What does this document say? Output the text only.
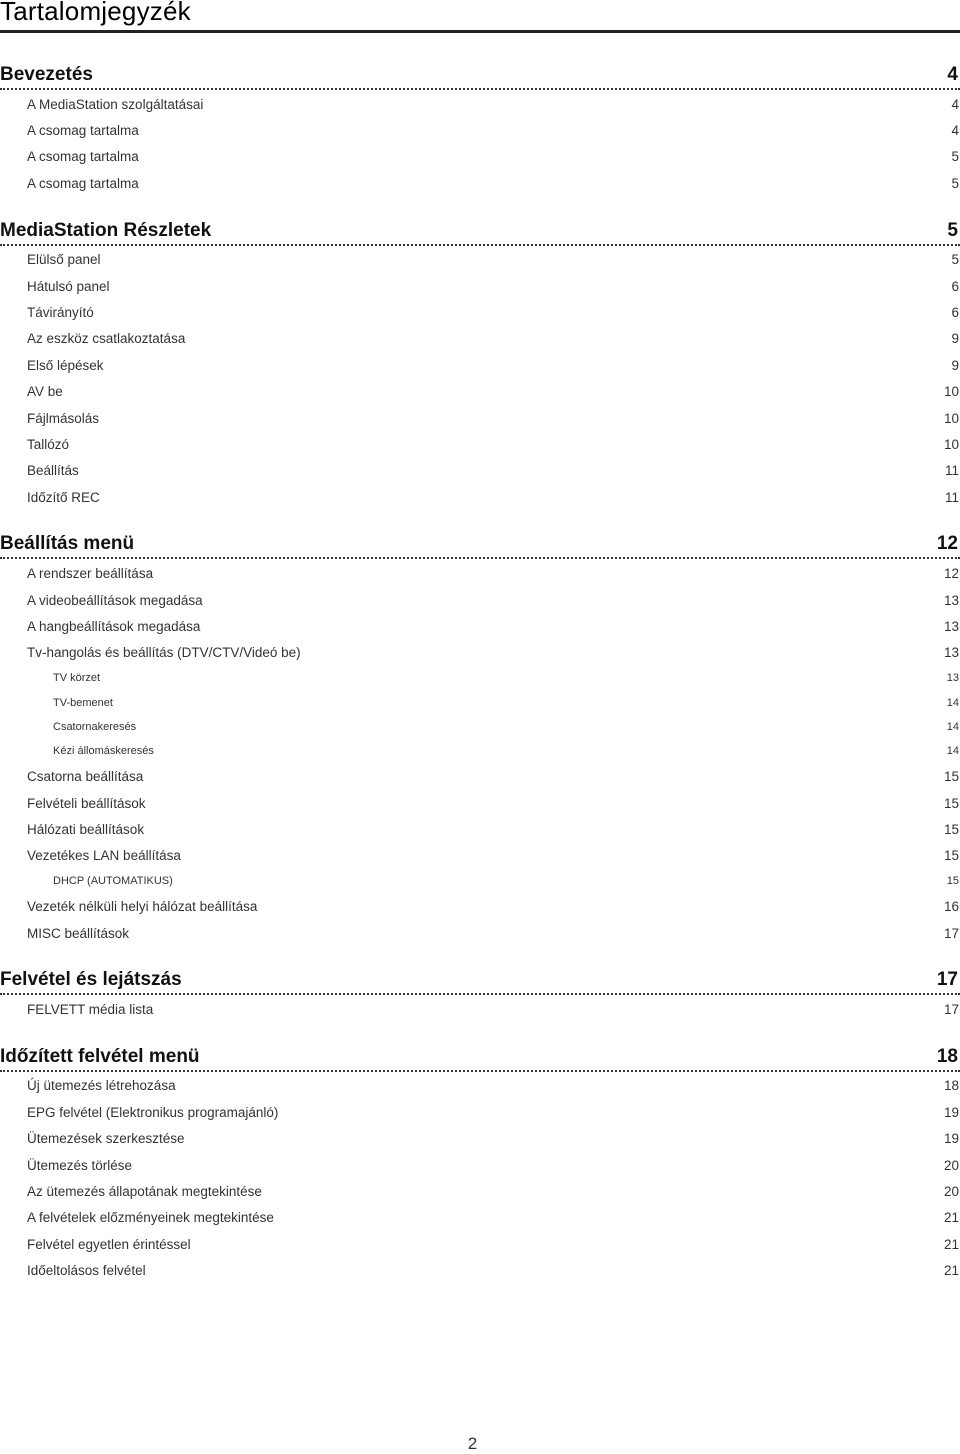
Tartalomjegyzék
Bevezetés	4
A MediaStation szolgáltatásai	4
A csomag tartalma	4
A csomag tartalma	5
A csomag tartalma	5
MediaStation Részletek	5
Elülső panel	5
Hátulsó panel	6
Távirányító	6
Az eszköz csatlakoztatása	9
Első lépések	9
AV be	10
Fájlmásolás	10
Tallózó	10
Beállítás	11
Időzítő REC	11
Beállítás menü	12
A rendszer beállítása	12
A videobeállítások megadása	13
A hangbeállítások megadása	13
Tv-hangolás és beállítás (DTV/CTV/Videó be)	13
TV körzet	13
TV-bemenet	14
Csatornakeresés	14
Kézi állomáskeresés	14
Csatorna beállítása	15
Felvételi beállítások	15
Hálózati beállítások	15
Vezetékes LAN beállítása	15
DHCP (AUTOMATIKUS)	15
Vezeték nélküli helyi hálózat beállítása	16
MISC beállítások	17
Felvétel és lejátszás	17
FELVETT média lista	17
Időzített felvétel menü	18
Új ütemezés létrehozása	18
EPG felvétel (Elektronikus programajánló)	19
Ütemezések szerkesztése	19
Ütemezés törlése	20
Az ütemezés állapotának megtekintése	20
A felvételek előzményeinek megtekintése	21
Felvétel egyetlen érintéssel	21
Időeltolásos felvétel	21
2
